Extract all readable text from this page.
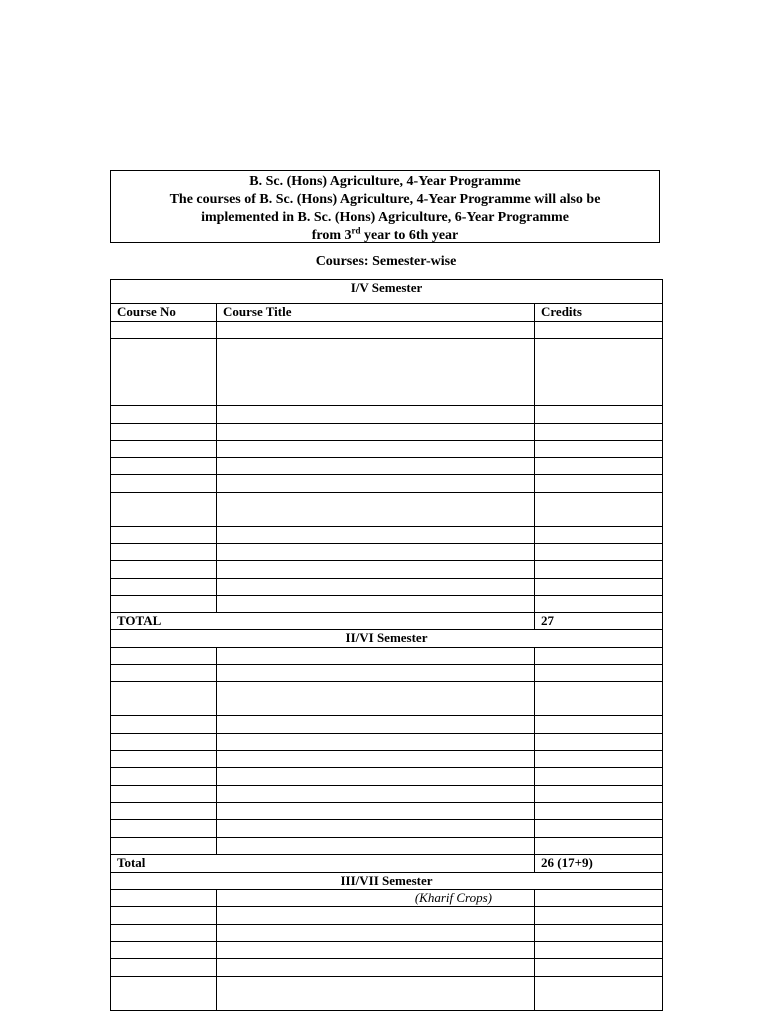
B. Sc. (Hons) Agriculture, 4-Year Programme
The courses of B. Sc. (Hons) Agriculture, 4-Year Programme will also be
implemented in B. Sc. (Hons) Agriculture, 6-Year Programme
from 3rd year to 6th year
Courses: Semester-wise
I/V Semester		
Course No	Course Title	Credits

TOTAL		27
II/VI Semester		

Total		26 (17+9)
III/VII Semester		
	(Kharif Crops)	
